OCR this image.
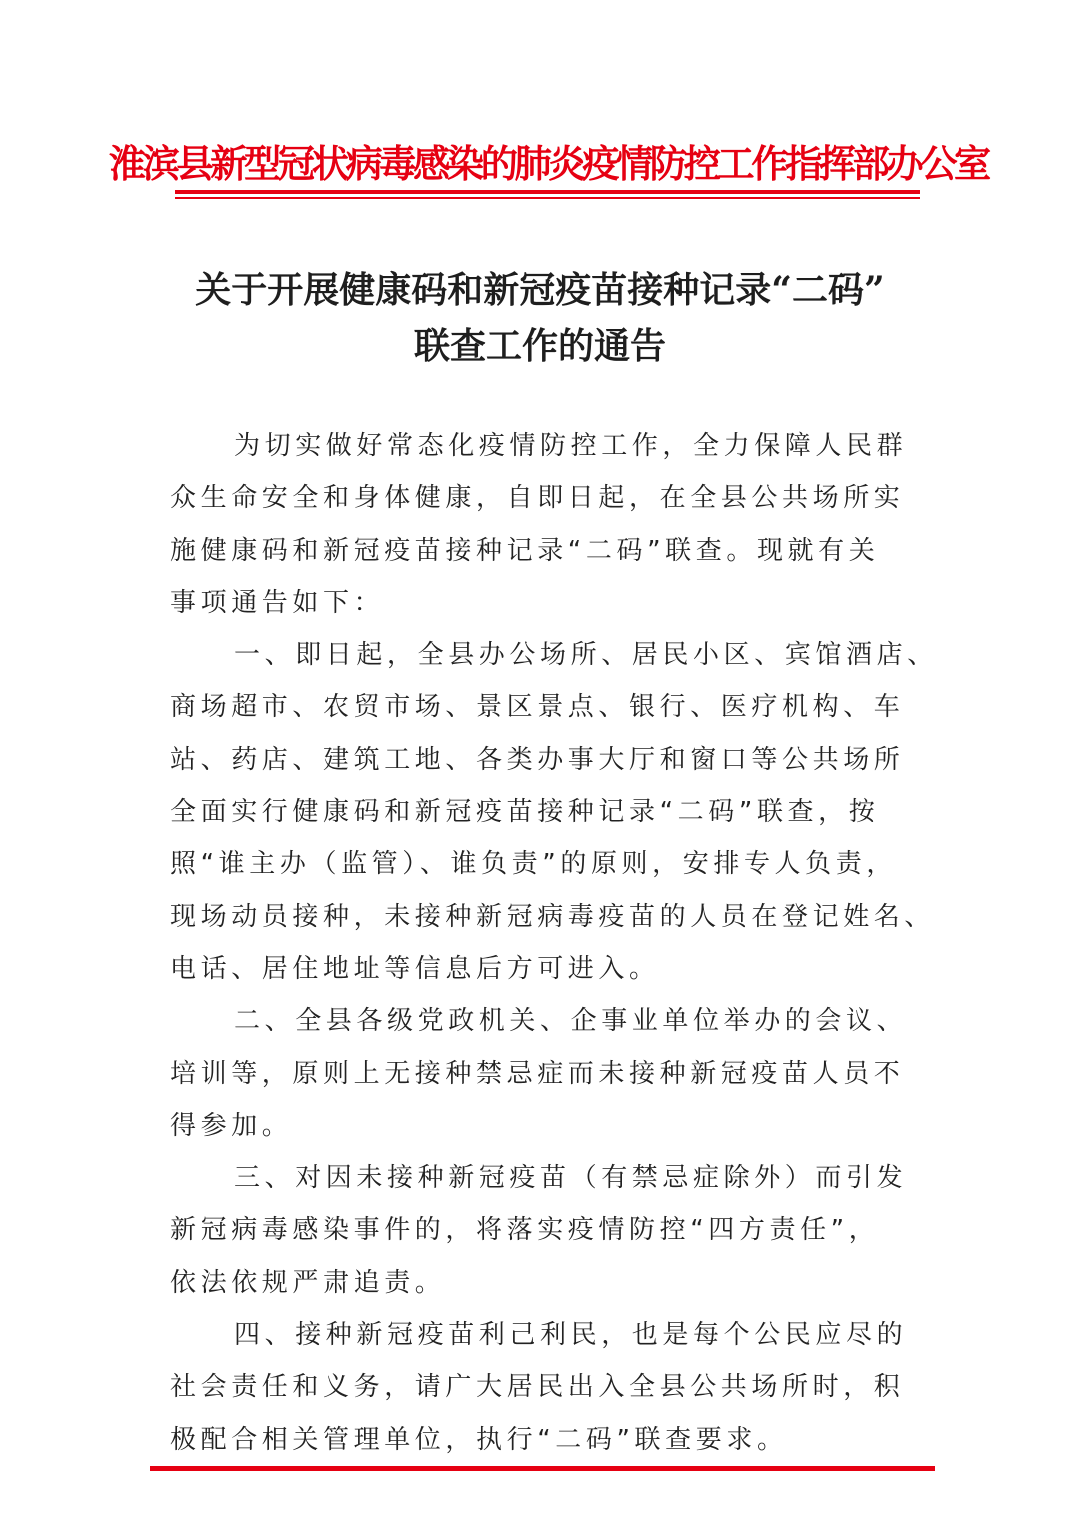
淮滨县新型冠状病毒感染的肺炎疫情防控工作指挥部办公室
关于开展健康码和新冠疫苗接种记录“二码”
联查工作的通告
为切实做好常态化疫情防控工作，全力保障人民群
众生命安全和身体健康，自即日起，在全县公共场所实
施健康码和新冠疫苗接种记录“二码”联查。现就有关
事项通告如下：
一、即日起，全县办公场所、居民小区、宾馆酒店、
商场超市、农贸市场、景区景点、银行、医疗机构、车
站、药店、建筑工地、各类办事大厅和窗口等公共场所
全面实行健康码和新冠疫苗接种记录“二码”联查，按
照“谁主办（监管）、谁负责”的原则，安排专人负责，
现场动员接种，未接种新冠病毒疫苗的人员在登记姓名、
电话、居住地址等信息后方可进入。
二、全县各级党政机关、企事业单位举办的会议、
培训等，原则上无接种禁忌症而未接种新冠疫苗人员不
得参加。
三、对因未接种新冠疫苗（有禁忌症除外）而引发
新冠病毒感染事件的，将落实疫情防控“四方责任”，
依法依规严肃追责。
四、接种新冠疫苗利己利民，也是每个公民应尽的
社会责任和义务，请广大居民出入全县公共场所时，积
极配合相关管理单位，执行“二码”联查要求。
